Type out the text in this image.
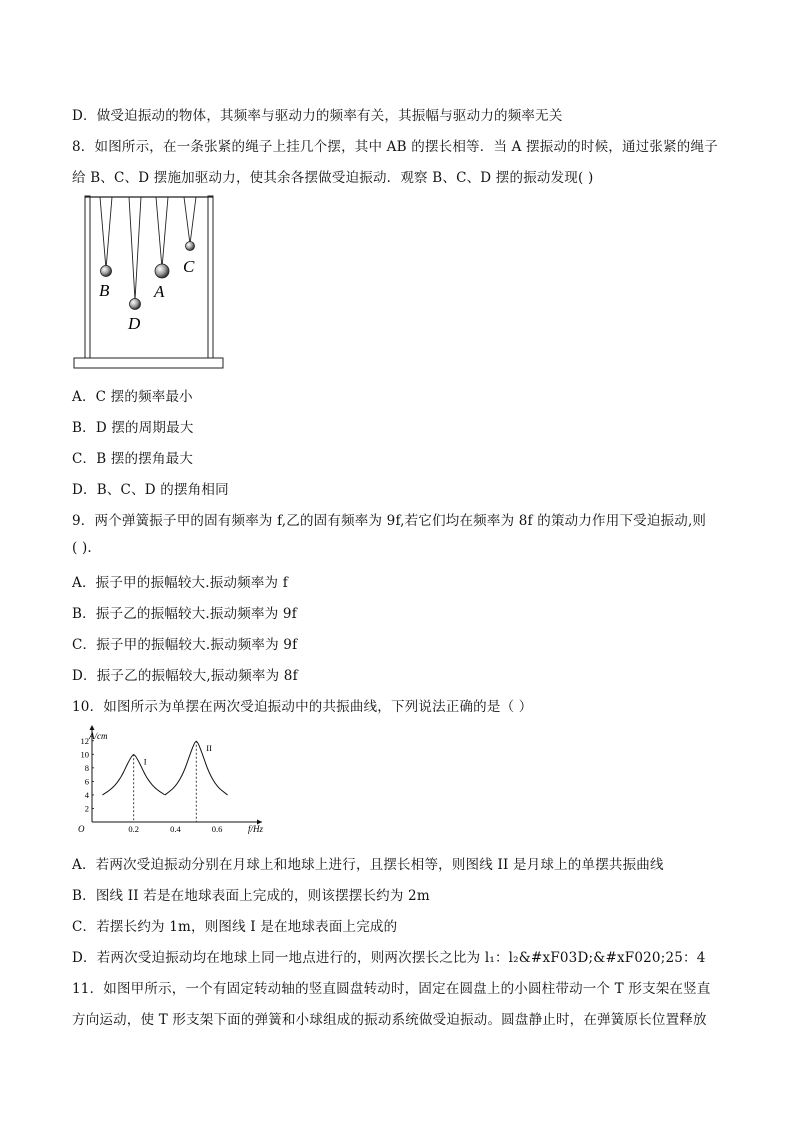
D．做受迫振动的物体，其频率与驱动力的频率有关，其振幅与驱动力的频率无关
8．如图所示，在一条张紧的绳子上挂几个摆，其中 AB 的摆长相等．当 A 摆振动的时候，通过张紧的绳子
给 B、C、D 摆施加驱动力，使其余各摆做受迫振动．观察 B、C、D 摆的振动发现( )
B
D
A
C
A．C 摆的频率最小
B．D 摆的周期最大
C．B 摆的摆角最大
D．B、C、D 的摆角相同
9．两个弹簧振子甲的固有频率为 f,乙的固有频率为 9f,若它们均在频率为 8f 的策动力作用下受迫振动,则
( ).
A．振子甲的振幅较大.振动频率为 f
B．振子乙的振幅较大.振动频率为 9f
C．振子甲的振幅较大.振动频率为 9f
D．振子乙的振幅较大,振动频率为 8f
10．如图所示为单摆在两次受迫振动中的共振曲线，下列说法正确的是（ ）
2
4
6
8
10
12
0.2	0.4	0.6
I
II
A/cm
f/Hz
O
A．若两次受迫振动分别在月球上和地球上进行，且摆长相等，则图线 II 是月球上的单摆共振曲线
B．图线 II 若是在地球表面上完成的，则该摆摆长约为 2m
C．若摆长约为 1m，则图线 I 是在地球表面上完成的
D．若两次受迫振动均在地球上同一地点进行的，则两次摆长之比为 l₁：l₂&#xF03D;&#xF020;25：4
11．如图甲所示，一个有固定转动轴的竖直圆盘转动时，固定在圆盘上的小圆柱带动一个 T 形支架在竖直
方向运动，使 T 形支架下面的弹簧和小球组成的振动系统做受迫振动。圆盘静止时，在弹簧原长位置释放
